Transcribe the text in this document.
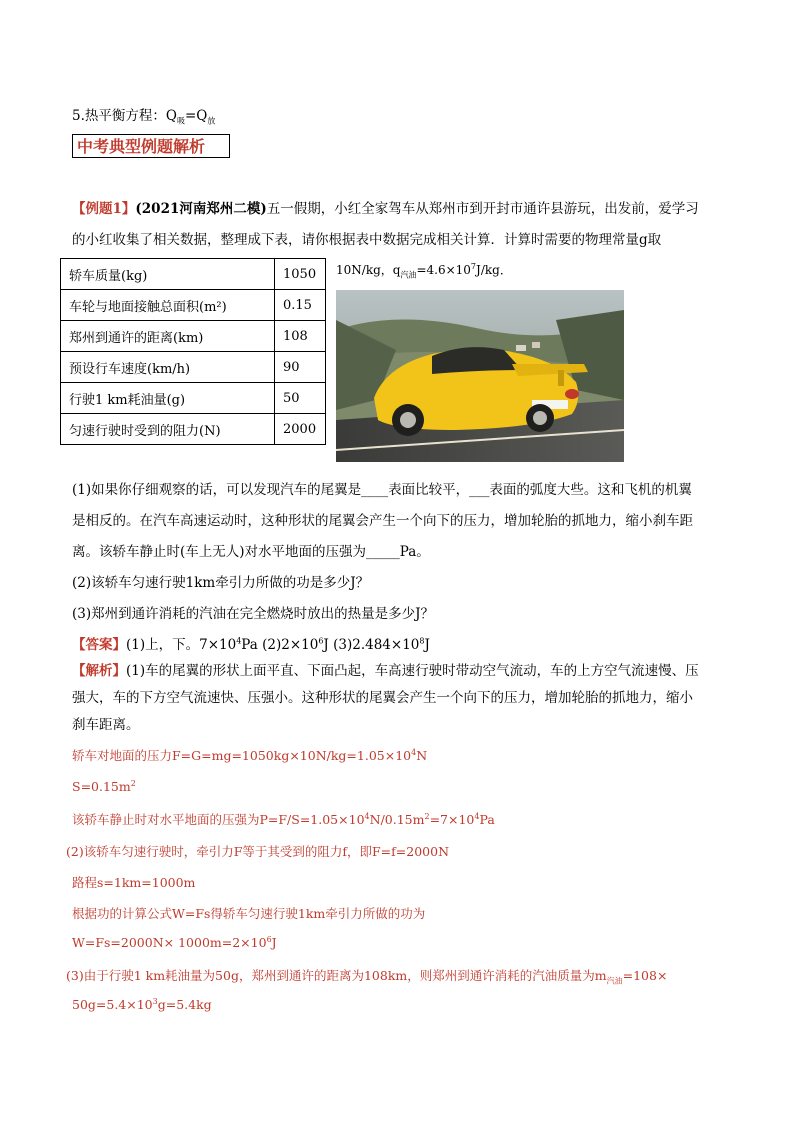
5.热平衡方程：$Q_吸=Q_放$
中考典型例题解析
【例题1】(2021河南郑州二模)五一假期，小红全家驾车从郑州市到开封市通许县游玩，出发前，爱学习
的小红收集了相关数据，整理成下表，请你根据表中数据完成相关计算．计算时需要的物理常量g取
10N/kg，$q_{汽油}=4.6\times 10^7J/kg$．
轿车质量(kg)	1050
车轮与地面接触总面积(m²)	0.15
郑州到通许的距离(km)	108
预设行车速度(km/h)	90
行驶1 km耗油量(g)	50
匀速行驶时受到的阻力(N)	2000
(1)如果你仔细观察的话，可以发现汽车的尾翼是____表面比较平，___表面的弧度大些。这和飞机的机翼
是相反的。在汽车高速运动时，这种形状的尾翼会产生一个向下的压力，增加轮胎的抓地力，缩小刹车距
离。该轿车静止时(车上无人)对水平地面的压强为_____Pa。
(2)该轿车匀速行驶1km牵引力所做的功是多少J？
(3)郑州到通许消耗的汽油在完全燃烧时放出的热量是多少J？
【答案】(1)上，下。$7\times 10^4Pa$ $(2)2\times 10^6J$ $(3)2.484\times 10^8J$
【解析】(1)车的尾翼的形状上面平直、下面凸起，车高速行驶时带动空气流动，车的上方空气流速慢、压
强大，车的下方空气流速快、压强小。这种形状的尾翼会产生一个向下的压力，增加轮胎的抓地力，缩小
刹车距离。
轿车对地面的压力$F=G=mg=1050kg\times 10N/kg=1.05\times 10^4N$
$S=0.15m^2$
该轿车静止时对水平地面的压强为$P=F/S=1.05\times 10^4N/0.15m^2=7\times 10^4Pa$
(2)该轿车匀速行驶时，牵引力F等于其受到的阻力f，即F=f=2000N
路程s=1km=1000m
根据功的计算公式W=Fs得轿车匀速行驶1km牵引力所做的功为
$W=Fs=2000N\times 1000m=2\times 10^6J$
(3)由于行驶1 km耗油量为50g，郑州到通许的距离为108km，则郑州到通许消耗的汽油质量为$m_{汽油}=108\times$
$50g=5.4\times 10^3g=5.4kg$
